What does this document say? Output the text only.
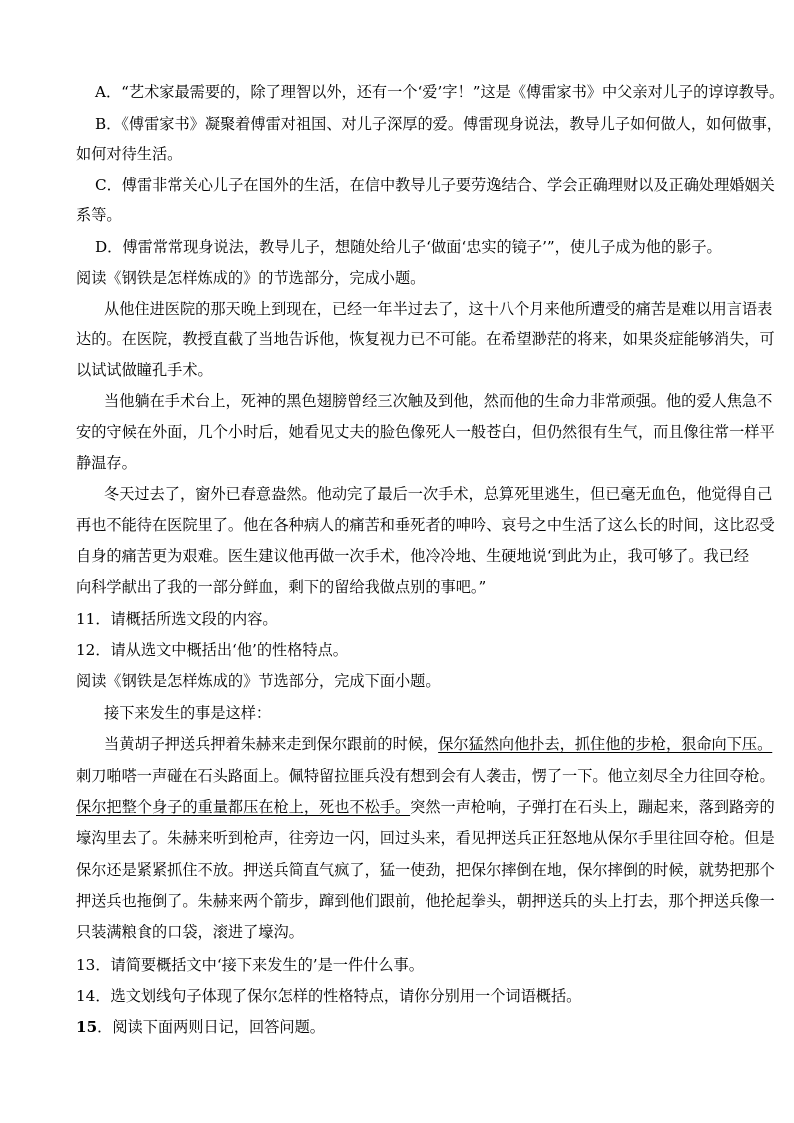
A．“艺术家最需要的，除了理智以外，还有一个‘爱’字！”这是《傅雷家书》中父亲对儿子的谆谆教导。
B．《傅雷家书》凝聚着傅雷对祖国、对儿子深厚的爱。傅雷现身说法，教导儿子如何做人，如何做事，
如何对待生活。
C．傅雷非常关心儿子在国外的生活，在信中教导儿子要劳逸结合、学会正确理财以及正确处理婚姻关
系等。
D．傅雷常常现身说法，教导儿子，想随处给儿子‘做面‘忠实的镜子’”，使儿子成为他的影子。
阅读《钢铁是怎样炼成的》的节选部分，完成小题。
从他住进医院的那天晚上到现在，已经一年半过去了，这十八个月来他所遭受的痛苦是难以用言语表
达的。在医院，教授直截了当地告诉他，恢复视力已不可能。在希望渺茫的将来，如果炎症能够消失，可
以试试做瞳孔手术。
当他躺在手术台上，死神的黑色翅膀曾经三次触及到他，然而他的生命力非常顽强。他的爱人焦急不
安的守候在外面，几个小时后，她看见丈夫的脸色像死人一般苍白，但仍然很有生气，而且像往常一样平
静温存。
冬天过去了，窗外已春意盎然。他动完了最后一次手术，总算死里逃生，但已毫无血色，他觉得自己
再也不能待在医院里了。他在各种病人的痛苦和垂死者的呻吟、哀号之中生活了这么长的时间，这比忍受
自身的痛苦更为艰难。医生建议他再做一次手术，他冷冷地、生硬地说‘到此为止，我可够了。我已经
向科学献出了我的一部分鲜血，剩下的留给我做点别的事吧。”
11．请概括所选文段的内容。
12．请从选文中概括出‘他’的性格特点。
阅读《钢铁是怎样炼成的》节选部分，完成下面小题。
接下来发生的事是这样：
当黄胡子押送兵押着朱赫来走到保尔跟前的时候，保尔猛然向他扑去，抓住他的步枪，狠命向下压。
刺刀啪嗒一声碰在石头路面上。佩特留拉匪兵没有想到会有人袭击，愣了一下。他立刻尽全力往回夺枪。
保尔把整个身子的重量都压在枪上，死也不松手。突然一声枪响，子弹打在石头上，蹦起来，落到路旁的
壕沟里去了。朱赫来听到枪声，往旁边一闪，回过头来，看见押送兵正狂怒地从保尔手里往回夺枪。但是
保尔还是紧紧抓住不放。押送兵简直气疯了，猛一使劲，把保尔摔倒在地，保尔摔倒的时候，就势把那个
押送兵也拖倒了。朱赫来两个箭步，蹿到他们跟前，他抡起拳头，朝押送兵的头上打去，那个押送兵像一
只装满粮食的口袋，滚进了壕沟。
13．请简要概括文中‘接下来发生的’是一件什么事。
14．选文划线句子体现了保尔怎样的性格特点，请你分别用一个词语概括。
15．阅读下面两则日记，回答问题。
